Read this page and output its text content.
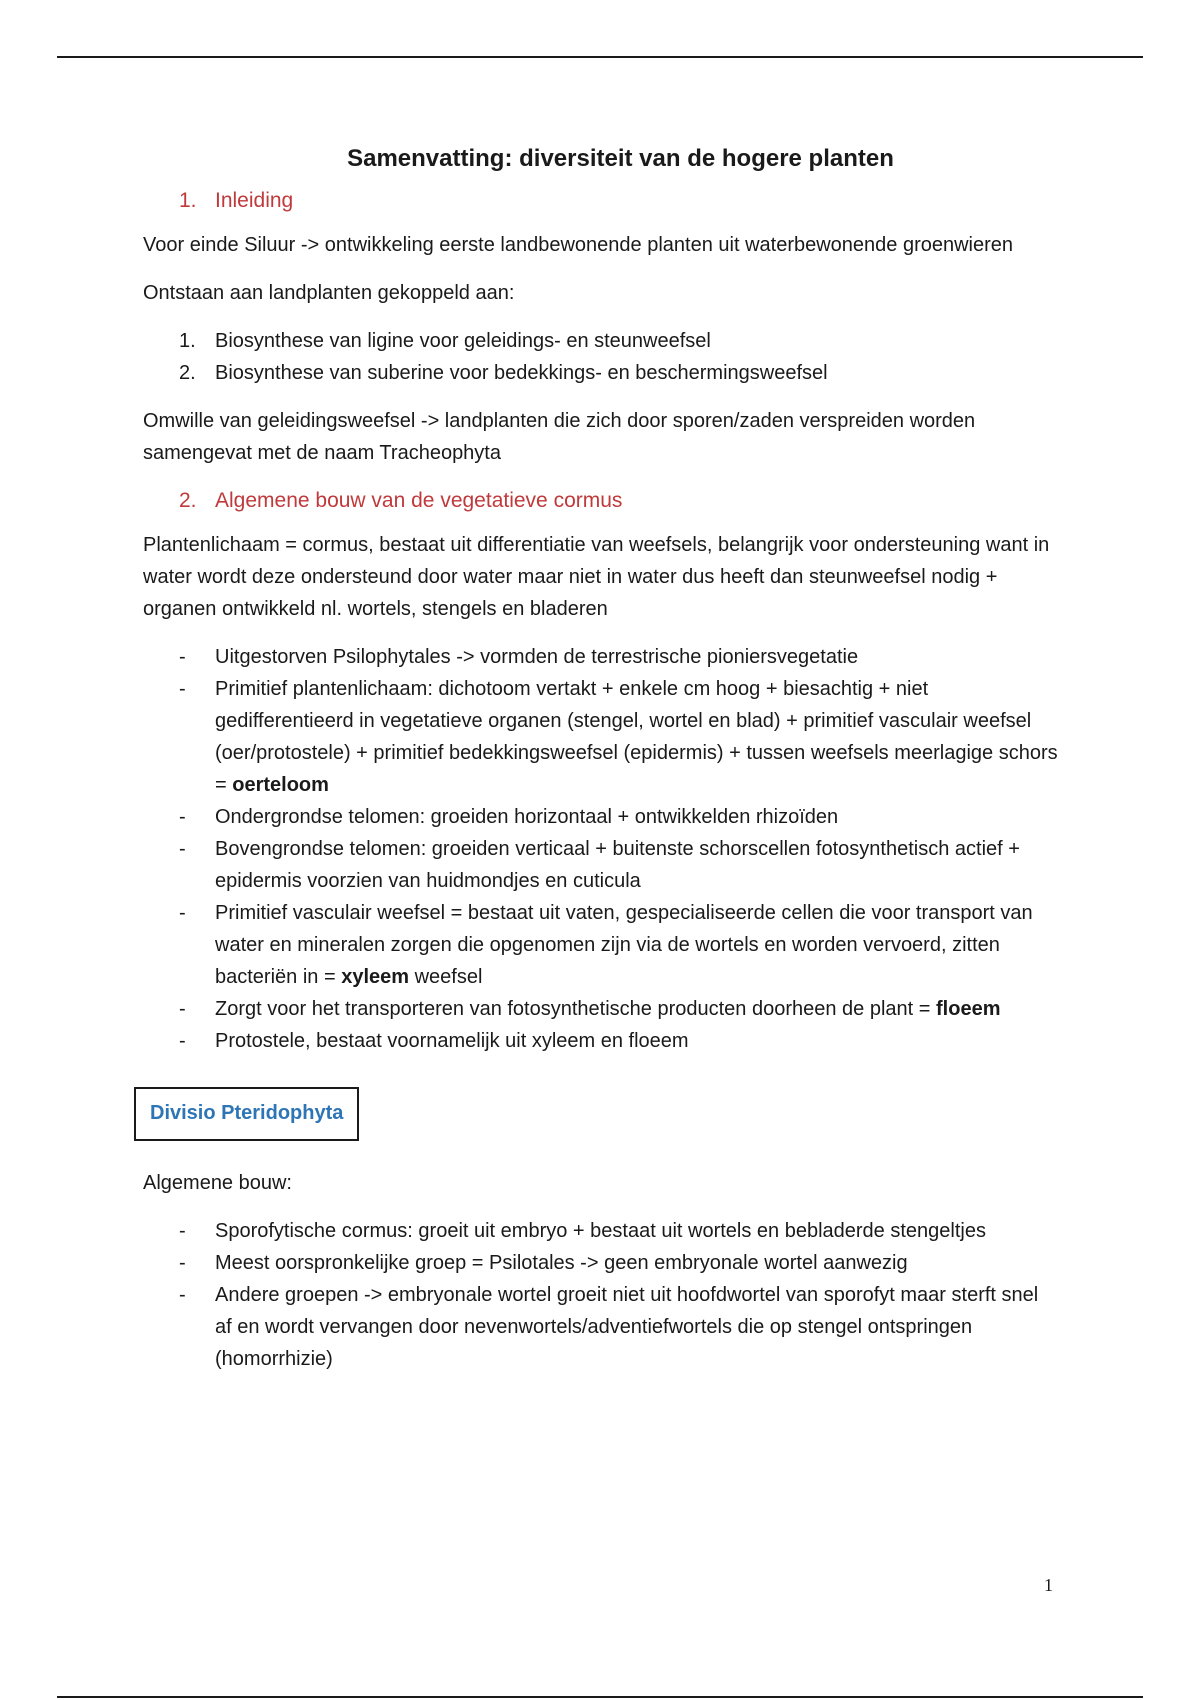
Samenvatting: diversiteit van de hogere planten
1. Inleiding

Voor einde Siluur -> ontwikkeling eerste landbewonende planten uit waterbewonende groenwieren

Ontstaan aan landplanten gekoppeld aan:

1. Biosynthese van ligine voor geleidings- en steunweefsel
2. Biosynthese van suberine voor bedekkings- en beschermingsweefsel

Omwille van geleidingsweefsel -> landplanten die zich door sporen/zaden verspreiden worden samengevat met de naam Tracheophyta

2. Algemene bouw van de vegetatieve cormus

Plantenlichaam = cormus, bestaat uit differentiatie van weefsels, belangrijk voor ondersteuning want in water wordt deze ondersteund door water maar niet in water dus heeft dan steunweefsel nodig + organen ontwikkeld nl. wortels, stengels en bladeren

-	Uitgestorven Psilophytales -> vormden de terrestrische pioniersvegetatie
-	Primitief plantenlichaam: dichotoom vertakt + enkele cm hoog + biesachtig + niet gedifferentieerd in vegetatieve organen (stengel, wortel en blad) + primitief vasculair weefsel (oer/protostele) + primitief bedekkingsweefsel (epidermis) + tussen weefsels meerlagige schors = oerteloom
-	Ondergrondse telomen: groeiden horizontaal + ontwikkelden rhizoïden
-	Bovengrondse telomen: groeiden verticaal + buitenste schorscellen fotosynthetisch actief + epidermis voorzien van huidmondjes en cuticula
-	Primitief vasculair weefsel = bestaat uit vaten, gespecialiseerde cellen die voor transport van water en mineralen zorgen die opgenomen zijn via de wortels en worden vervoerd, zitten bacteriën in = xyleem weefsel
-	Zorgt voor het transporteren van fotosynthetische producten doorheen de plant = floeem
-	Protostele, bestaat voornamelijk uit xyleem en floeem
Divisio Pteridophyta

Algemene bouw:

-	Sporofytische cormus: groeit uit embryo + bestaat uit wortels en bebladerde stengeltjes
-	Meest oorspronkelijke groep = Psilotales -> geen embryonale wortel aanwezig
-	Andere groepen -> embryonale wortel groeit niet uit hoofdwortel van sporofyt maar sterft snel af en wordt vervangen door nevenwortels/adventiefwortels die op stengel ontspringen (homorrhizie)
1
